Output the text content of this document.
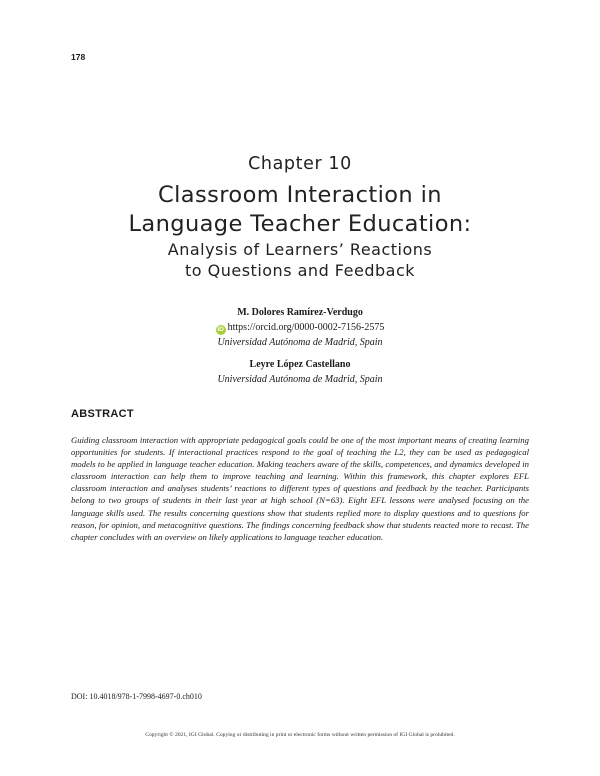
178
Chapter 10
Classroom Interaction in
Language Teacher Education:
Analysis of Learners’ Reactions
to Questions and Feedback
M. Dolores Ramírez-Verdugo
iD https://orcid.org/0000-0002-7156-2575
Universidad Autónoma de Madrid, Spain
Leyre López Castellano
Universidad Autónoma de Madrid, Spain
ABSTRACT
Guiding classroom interaction with appropriate pedagogical goals could be one of the most important means of creating learning opportunities for students. If interactional practices respond to the goal of teaching the L2, they can be used as pedagogical models to be applied in language teacher education. Making teachers aware of the skills, competences, and dynamics developed in classroom interaction can help them to improve teaching and learning. Within this framework, this chapter explores EFL classroom interaction and analyses students’ reactions to different types of questions and feedback by the teacher. Participants belong to two groups of students in their last year at high school (N=63). Eight EFL lessons were analysed focusing on the language skills used. The results concerning questions show that students replied more to display questions and to questions for reason, for opinion, and metacognitive questions. The findings concerning feedback show that students reacted more to recast. The chapter concludes with an overview on likely applications to language teacher education.
DOI: 10.4018/978-1-7998-4697-0.ch010
Copyright © 2021, IGI Global. Copying or distributing in print or electronic forms without written permission of IGI Global is prohibited.
